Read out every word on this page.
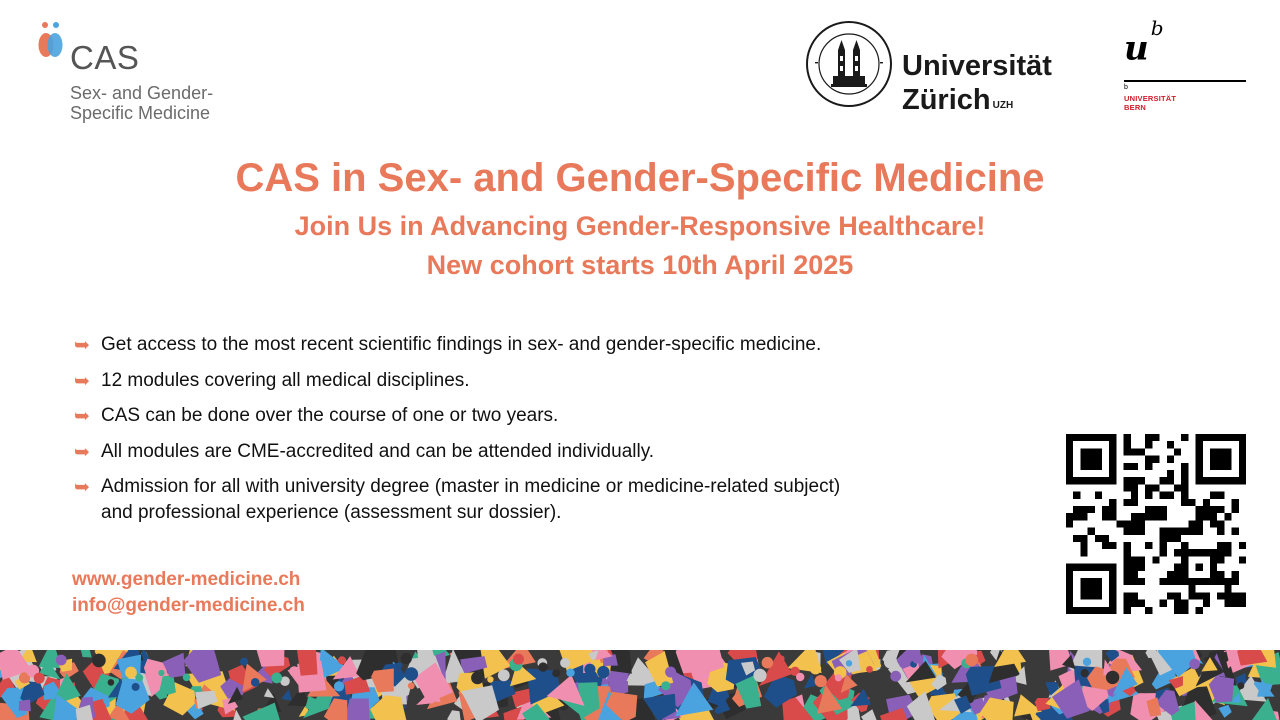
CAS
Sex- and Gender-
Specific Medicine
Universität
Zürich $^{UZH}$
$u^b$
b
UNIVERSITÄT
BERN
CAS in Sex- and Gender-Specific Medicine
Join Us in Advancing Gender-Responsive Healthcare!
New cohort starts 10th April 2025
➥ Get access to the most recent scientific findings in sex- and gender-specific medicine.
➥ 12 modules covering all medical disciplines.
➥ CAS can be done over the course of one or two years.
➥ All modules are CME-accredited and can be attended individually.
➥ Admission for all with university degree (master in medicine or medicine-related subject)
and professional experience (assessment sur dossier).
www.gender-medicine.ch
info@gender-medicine.ch
